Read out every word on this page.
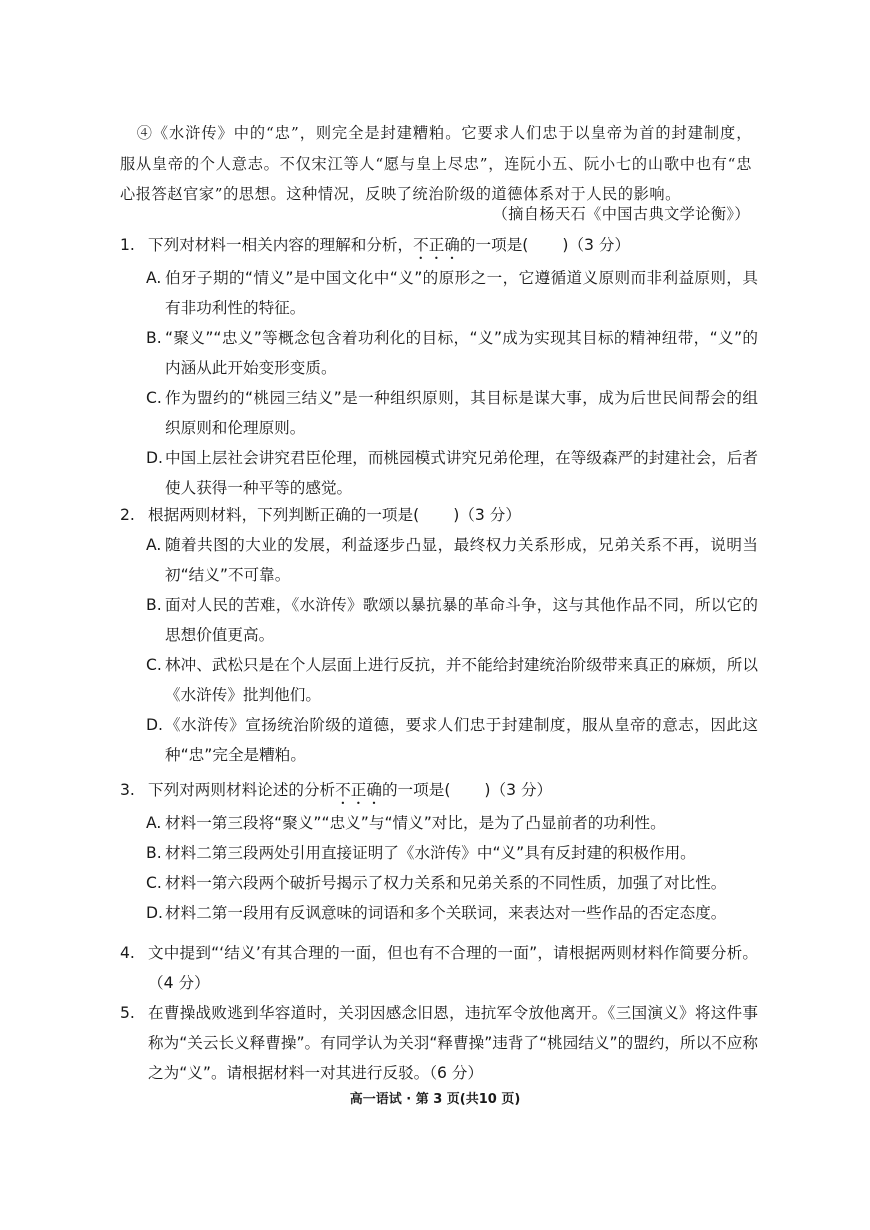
④《水浒传》中的“忠”，则完全是封建糟粕。它要求人们忠于以皇帝为首的封建制度，服从皇帝的个人意志。不仅宋江等人“愿与皇上尽忠”，连阮小五、阮小七的山歌中也有“忠心报答赵官家”的思想。这种情况，反映了统治阶级的道德体系对于人民的影响。

（摘自杨天石《中国古典文学论衡》）
1. 下列对材料一相关内容的理解和分析，不正确的一项是( )（3 分）
A. 伯牙子期的“情义”是中国文化中“义”的原形之一，它遵循道义原则而非利益原则，具有非功利性的特征。
B. “聚义”“忠义”等概念包含着功利化的目标，“义”成为实现其目标的精神纽带，“义”的内涵从此开始变形变质。
C. 作为盟约的“桃园三结义”是一种组织原则，其目标是谋大事，成为后世民间帮会的组织原则和伦理原则。
D. 中国上层社会讲究君臣伦理，而桃园模式讲究兄弟伦理，在等级森严的封建社会，后者使人获得一种平等的感觉。
2. 根据两则材料，下列判断正确的一项是( )（3 分）
A. 随着共图的大业的发展，利益逐步凸显，最终权力关系形成，兄弟关系不再，说明当初“结义”不可靠。
B. 面对人民的苦难，《水浒传》歌颂以暴抗暴的革命斗争，这与其他作品不同，所以它的思想价值更高。
C. 林冲、武松只是在个人层面上进行反抗，并不能给封建统治阶级带来真正的麻烦，所以《水浒传》批判他们。
D. 《水浒传》宣扬统治阶级的道德，要求人们忠于封建制度，服从皇帝的意志，因此这种“忠”完全是糟粕。
3. 下列对两则材料论述的分析不正确的一项是( )（3 分）
A. 材料一第三段将“聚义”“忠义”与“情义”对比，是为了凸显前者的功利性。
B. 材料二第三段两处引用直接证明了《水浒传》中“义”具有反封建的积极作用。
C. 材料一第六段两个破折号揭示了权力关系和兄弟关系的不同性质，加强了对比性。
D. 材料二第一段用有反讽意味的词语和多个关联词，来表达对一些作品的否定态度。
4. 文中提到“‘结义’有其合理的一面，但也有不合理的一面”，请根据两则材料作简要分析。（4 分）
5. 在曹操战败逃到华容道时，关羽因感念旧恩，违抗军令放他离开。《三国演义》将这件事称为“关云长义释曹操”。有同学认为关羽“释曹操”违背了“桃园结义”的盟约，所以不应称之为“义”。请根据材料一对其进行反驳。（6 分）
高一语试 · 第 3 页(共10 页)
